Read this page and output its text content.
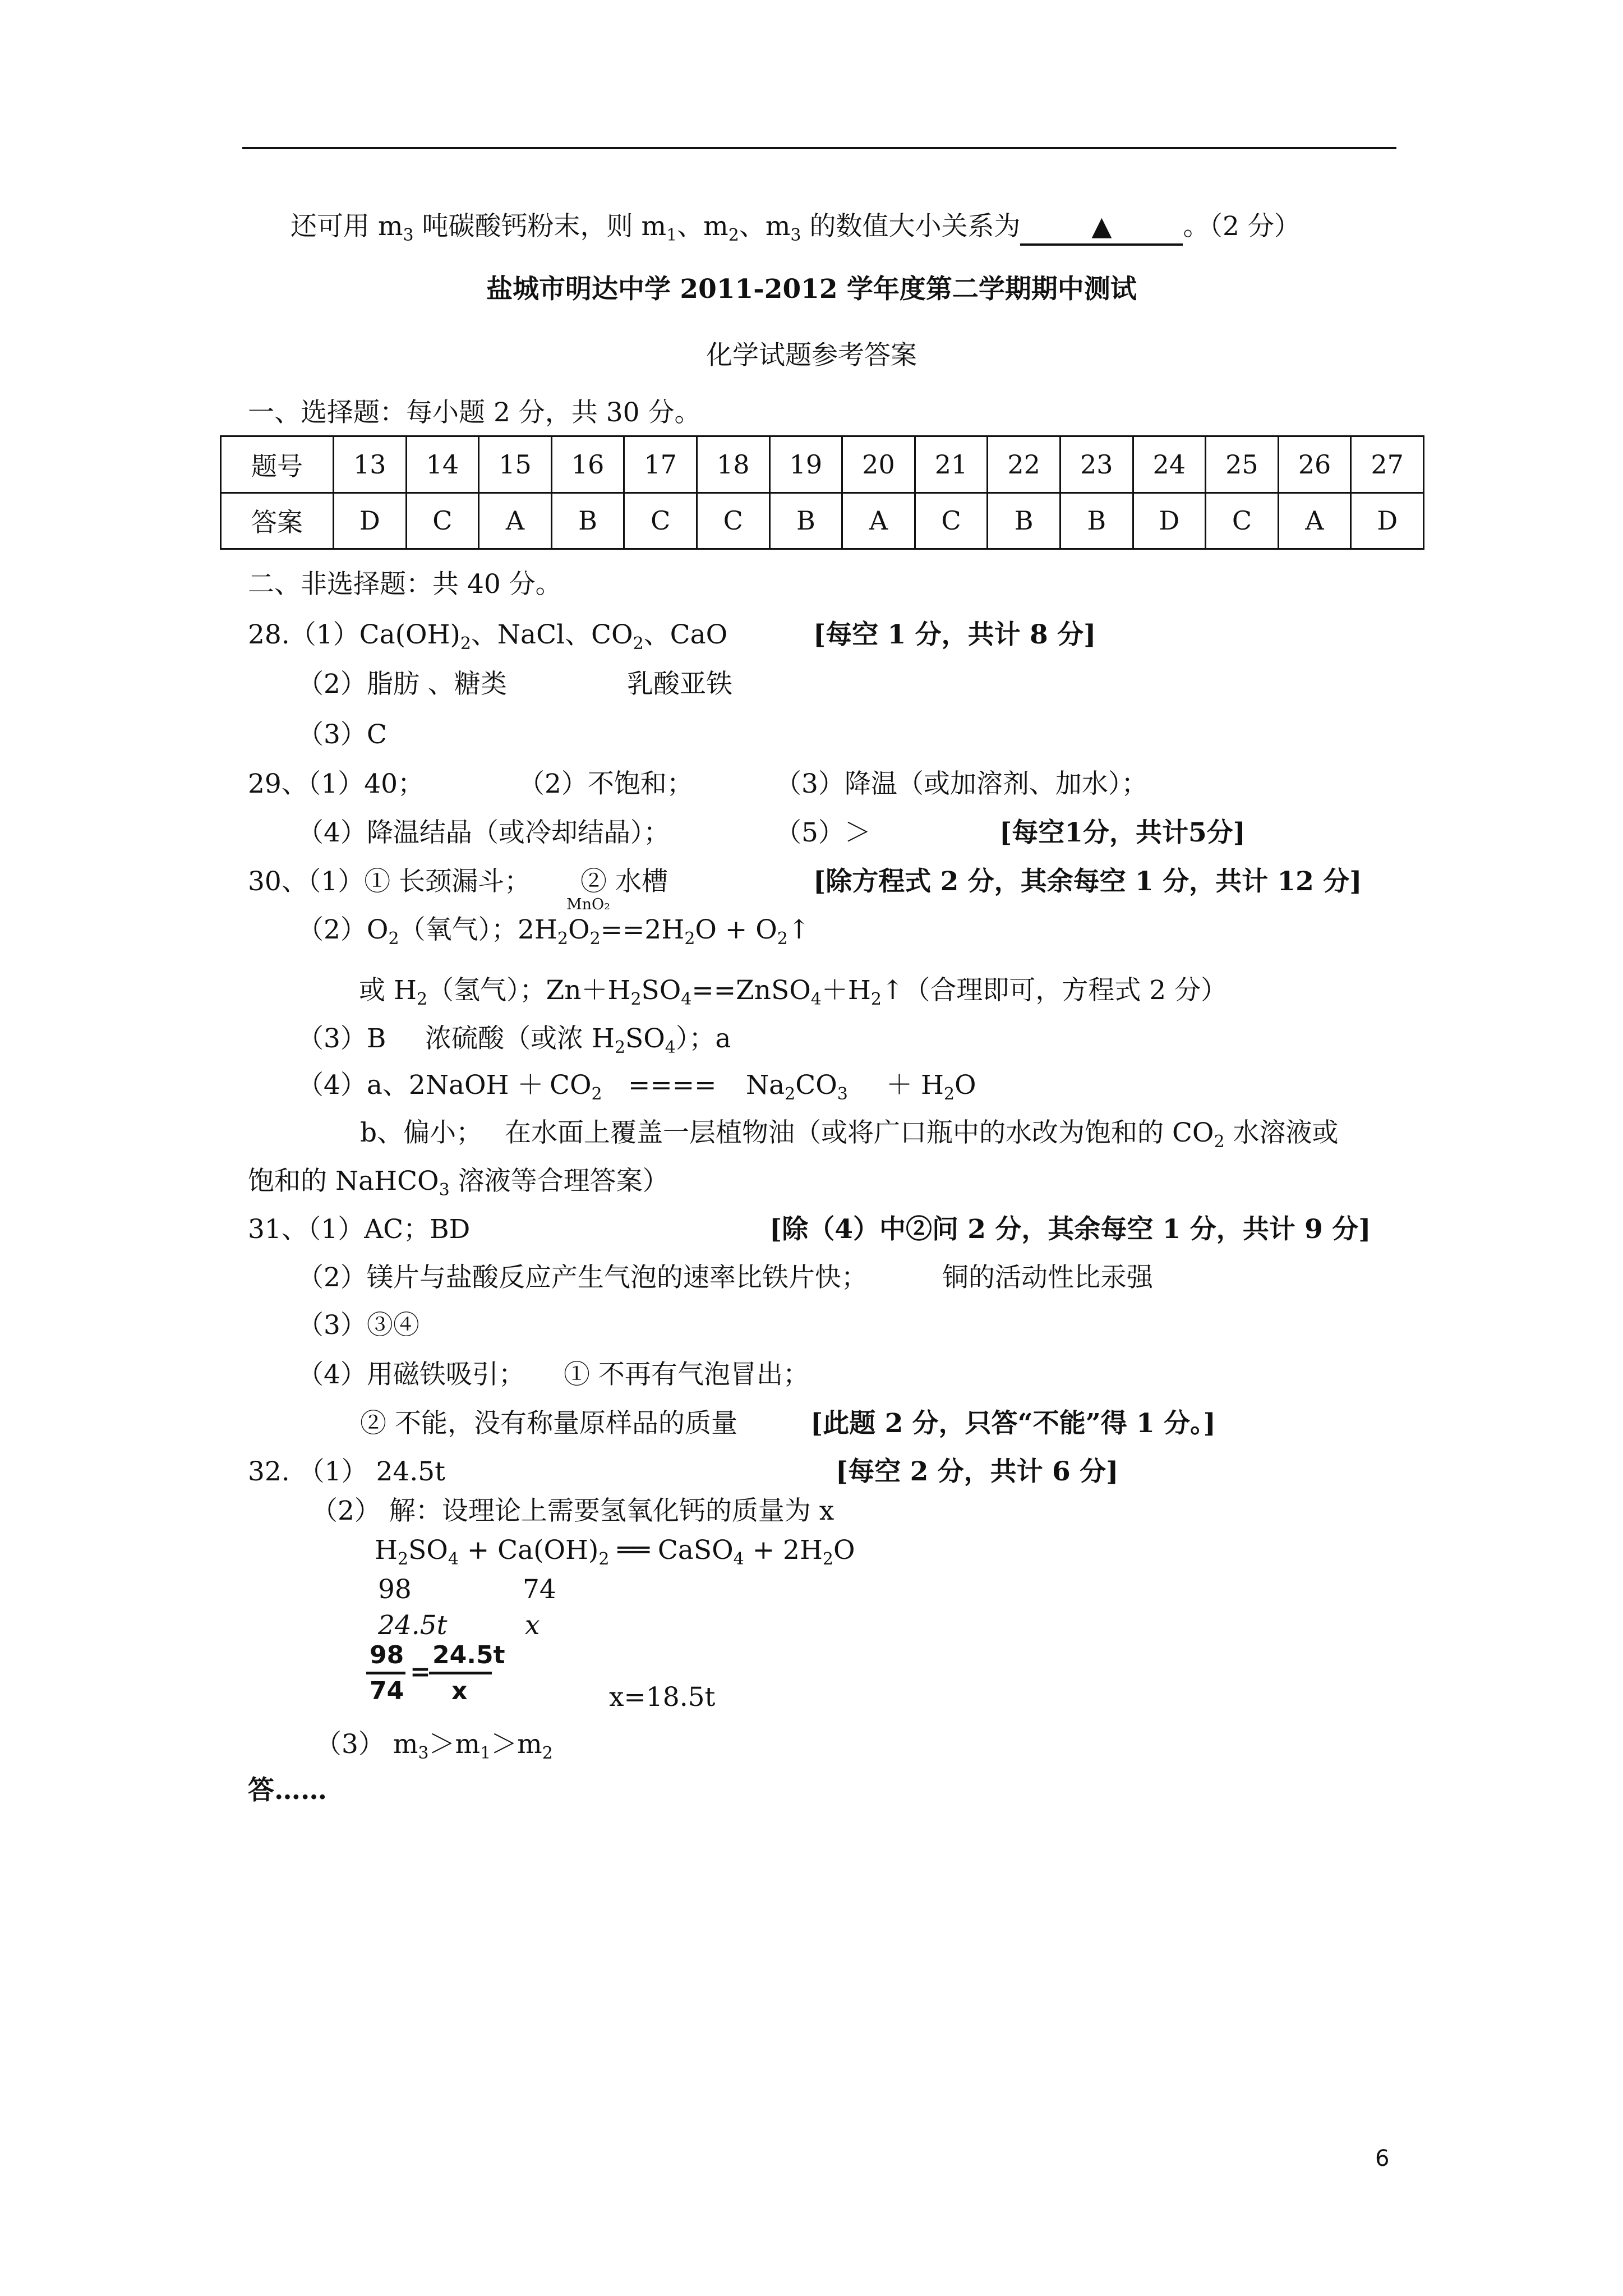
还可用 $m_3$ 吨碳酸钙粉末，则 $m_1$、$m_2$、$m_3$ 的数值大小关系为	▲	。（2 分）
盐城市明达中学 2011-2012 学年度第二学期期中测试
化学试题参考答案
一、选择题：每小题 2 分，共 30 分。
题号	13	14	15	16	17	18	19	20	21	22	23	24	25	26	27
答案	D	C	A	B	C	C	B	A	C	B	B	D	C	A	D
二、非选择题：共 40 分。
$28.(1)Ca(OH)_2$、NaCl、$CO_2$、CaO	[每空 1 分，共计 8 分]
（2）脂肪 、糖类	乳酸亚铁
（3）C
29、（1）40；	（2）不饱和；	（3）降温（或加溶剂、加水）；
（4）降温结晶（或冷却结晶）；	（5）＞	[每空1分，共计5分]
30、（1）① 长颈漏斗； ② 水槽	[除方程式 2 分，其余每空 1 分，共计 12 分]
MnO₂
$(2)O_2$（氧气）；$2H_2O_2==2H_2O$ + $O_2↑$
或 $H_2$（氢气）；$Zn+H_2SO_4==ZnSO_4+H_2↑$（合理即可，方程式 2 分）
（3）B 浓硫酸（或浓 $H_2SO_4$）；a
（4）a、2NaOH ＋ $CO_2$ ==== $Na_2CO_3 + H_2O$
b、偏小； 在水面上覆盖一层植物油（或将广口瓶中的水改为饱和的 $CO_2$ 水溶液或
饱和的 NaHCO$_3$ 溶液等合理答案）
31、（1）AC；BD	[除（4）中②问 2 分，其余每空 1 分，共计 9 分]
（2）镁片与盐酸反应产生气泡的速率比铁片快；	铜的活动性比汞强
（3）③④
（4）用磁铁吸引； ① 不再有气泡冒出；
② 不能，没有称量原样品的质量	[此题 2 分，只答“不能”得 1 分。]
32. （1） 24.5t	[每空 2 分，共计 6 分]
（2） 解：设理论上需要氢氧化钙的质量为 x
$H_2SO_4 + Ca(OH)_2$ ══ CaSO$_4$ + $2H_2O$
98	74
24.5t	x
98
74
=
24.5t
x	x=18.5t
（3） $m_3>m_1>m_2$
答……
6
